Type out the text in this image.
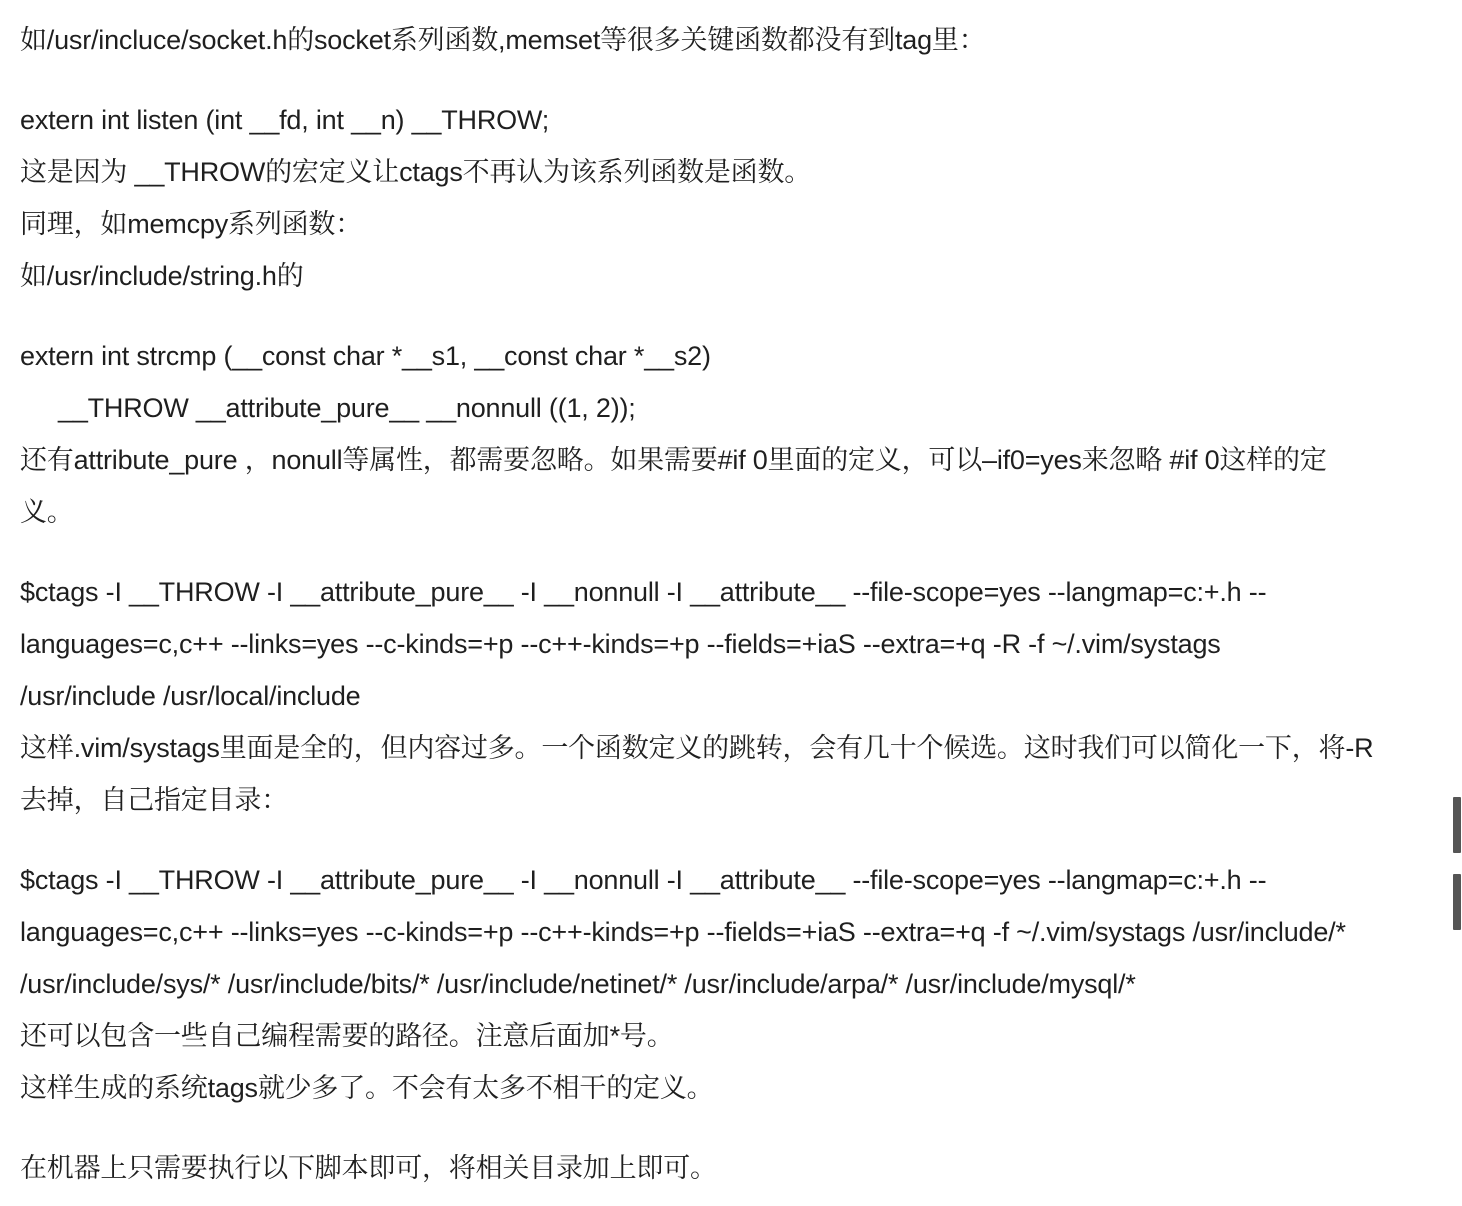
如/usr/incluce/socket.h的socket系列函数,memset等很多关键函数都没有到tag里：
extern int listen (int __fd, int __n) __THROW;
这是因为 __THROW的宏定义让ctags不再认为该系列函数是函数。
同理，如memcpy系列函数：
如/usr/include/string.h的
extern int strcmp (__const char *__s1, __const char *__s2)
__THROW __attribute_pure__ __nonnull ((1, 2));
还有attribute_pure ，nonull等属性，都需要忽略。如果需要#if 0里面的定义，可以–if0=yes来忽略 #if 0这样的定
义。
$ctags -I __THROW -I __attribute_pure__ -I __nonnull -I __attribute__ --file-scope=yes --langmap=c:+.h --
languages=c,c++ --links=yes --c-kinds=+p --c++-kinds=+p --fields=+iaS --extra=+q -R -f ~/.vim/systags
/usr/include /usr/local/include
这样.vim/systags里面是全的，但内容过多。一个函数定义的跳转，会有几十个候选。这时我们可以简化一下，将-R
去掉，自己指定目录：
$ctags -I __THROW -I __attribute_pure__ -I __nonnull -I __attribute__ --file-scope=yes --langmap=c:+.h --
languages=c,c++ --links=yes --c-kinds=+p --c++-kinds=+p --fields=+iaS --extra=+q -f ~/.vim/systags /usr/include/*
/usr/include/sys/* /usr/include/bits/* /usr/include/netinet/* /usr/include/arpa/* /usr/include/mysql/*
还可以包含一些自己编程需要的路径。注意后面加*号。
这样生成的系统tags就少多了。不会有太多不相干的定义。
在机器上只需要执行以下脚本即可，将相关目录加上即可。
